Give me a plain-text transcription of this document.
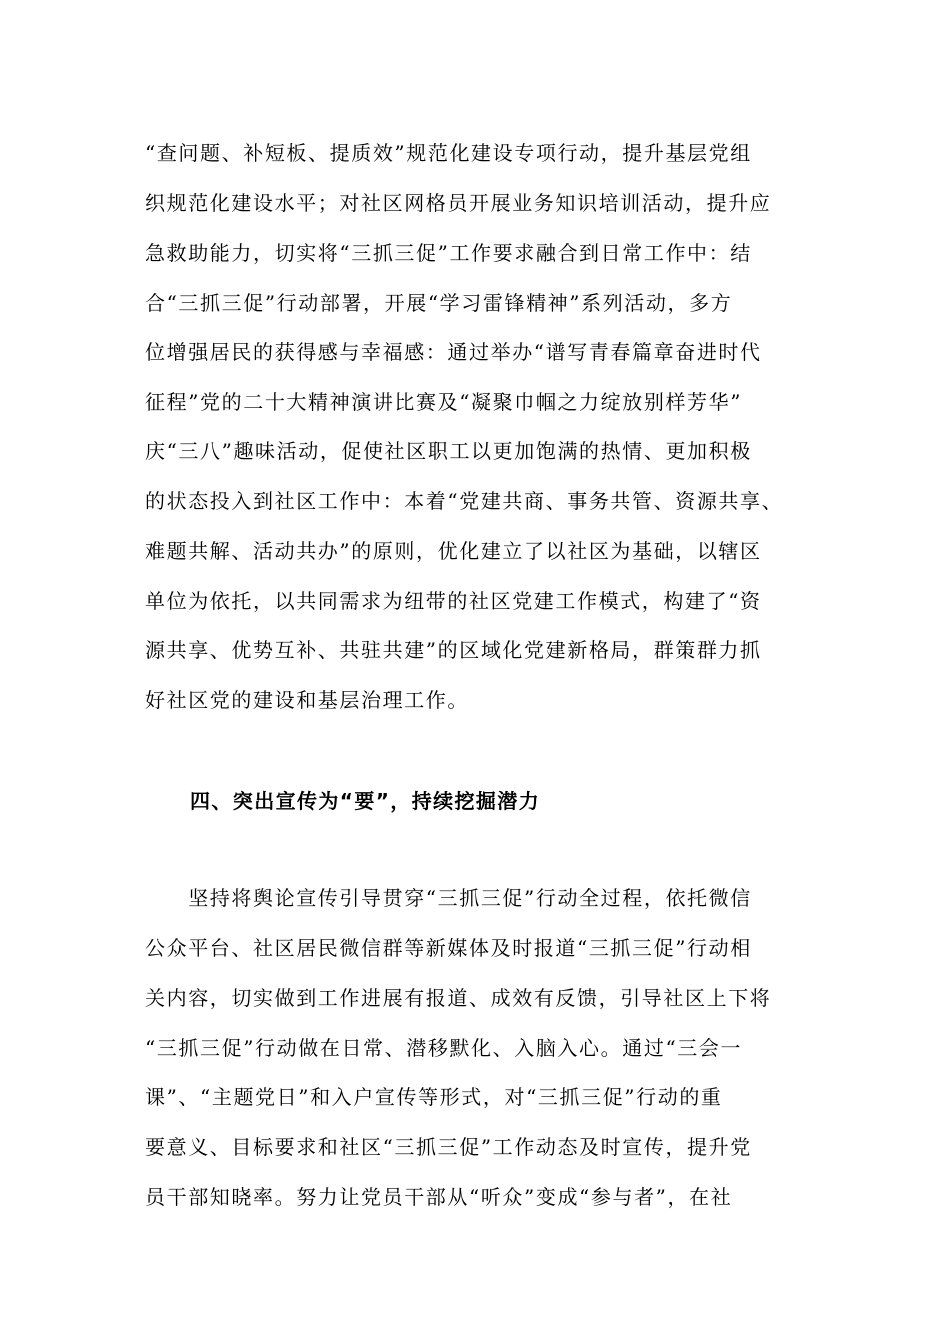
“查问题、补短板、提质效”规范化建设专项行动，提升基层党组
织规范化建设水平；对社区网格员开展业务知识培训活动，提升应
急救助能力，切实将“三抓三促”工作要求融合到日常工作中：结
合“三抓三促”行动部署，开展“学习雷锋精神”系列活动，多方
位增强居民的获得感与幸福感：通过举办“谱写青春篇章奋进时代
征程”党的二十大精神演讲比赛及“凝聚巾帼之力绽放别样芳华”
庆“三八”趣味活动，促使社区职工以更加饱满的热情、更加积极
的状态投入到社区工作中：本着“党建共商、事务共管、资源共享、
难题共解、活动共办”的原则，优化建立了以社区为基础，以辖区
单位为依托，以共同需求为纽带的社区党建工作模式，构建了“资
源共享、优势互补、共驻共建”的区域化党建新格局，群策群力抓
好社区党的建设和基层治理工作。
四、突出宣传为“要”，持续挖掘潜力
　　坚持将舆论宣传引导贯穿“三抓三促”行动全过程，依托微信
公众平台、社区居民微信群等新媒体及时报道“三抓三促”行动相
关内容，切实做到工作进展有报道、成效有反馈，引导社区上下将
“三抓三促”行动做在日常、潜移默化、入脑入心。通过“三会一
课”、“主题党日”和入户宣传等形式，对“三抓三促”行动的重
要意义、目标要求和社区“三抓三促”工作动态及时宣传，提升党
员干部知晓率。努力让党员干部从“听众”变成“参与者”，在社
